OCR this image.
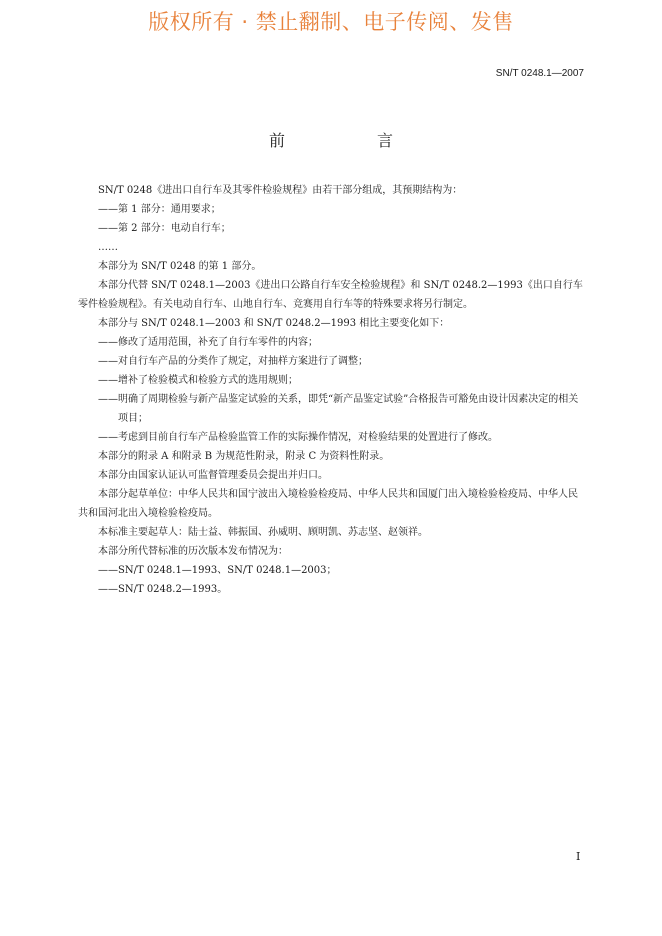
版权所有 · 禁止翻制、电子传阅、发售
SN/T 0248.1—2007
前　言

SN/T 0248《进出口自行车及其零件检验规程》由若干部分组成，其预期结构为：

——第 1 部分：通用要求；

——第 2 部分：电动自行车；

……

本部分为 SN/T 0248 的第 1 部分。

本部分代替 SN/T 0248.1—2003《进出口公路自行车安全检验规程》和 SN/T 0248.2—1993《出口自行车零件检验规程》。有关电动自行车、山地自行车、竞赛用自行车等的特殊要求将另行制定。

本部分与 SN/T 0248.1—2003 和 SN/T 0248.2—1993 相比主要变化如下：

——修改了适用范围，补充了自行车零件的内容；

——对自行车产品的分类作了规定，对抽样方案进行了调整；

——增补了检验模式和检验方式的选用规则；

——明确了周期检验与新产品鉴定试验的关系，即凭“新产品鉴定试验”合格报告可豁免由设计因素决定的相关项目；

——考虑到目前自行车产品检验监管工作的实际操作情况，对检验结果的处置进行了修改。

本部分的附录 A 和附录 B 为规范性附录，附录 C 为资料性附录。

本部分由国家认证认可监督管理委员会提出并归口。

本部分起草单位：中华人民共和国宁波出入境检验检疫局、中华人民共和国厦门出入境检验检疫局、中华人民共和国河北出入境检验检疫局。

本标准主要起草人：陆士益、韩振国、孙威明、顾明凯、苏志坚、赵领祥。

本部分所代替标准的历次版本发布情况为：

——SN/T 0248.1—1993、SN/T 0248.1—2003；

——SN/T 0248.2—1993。

I
